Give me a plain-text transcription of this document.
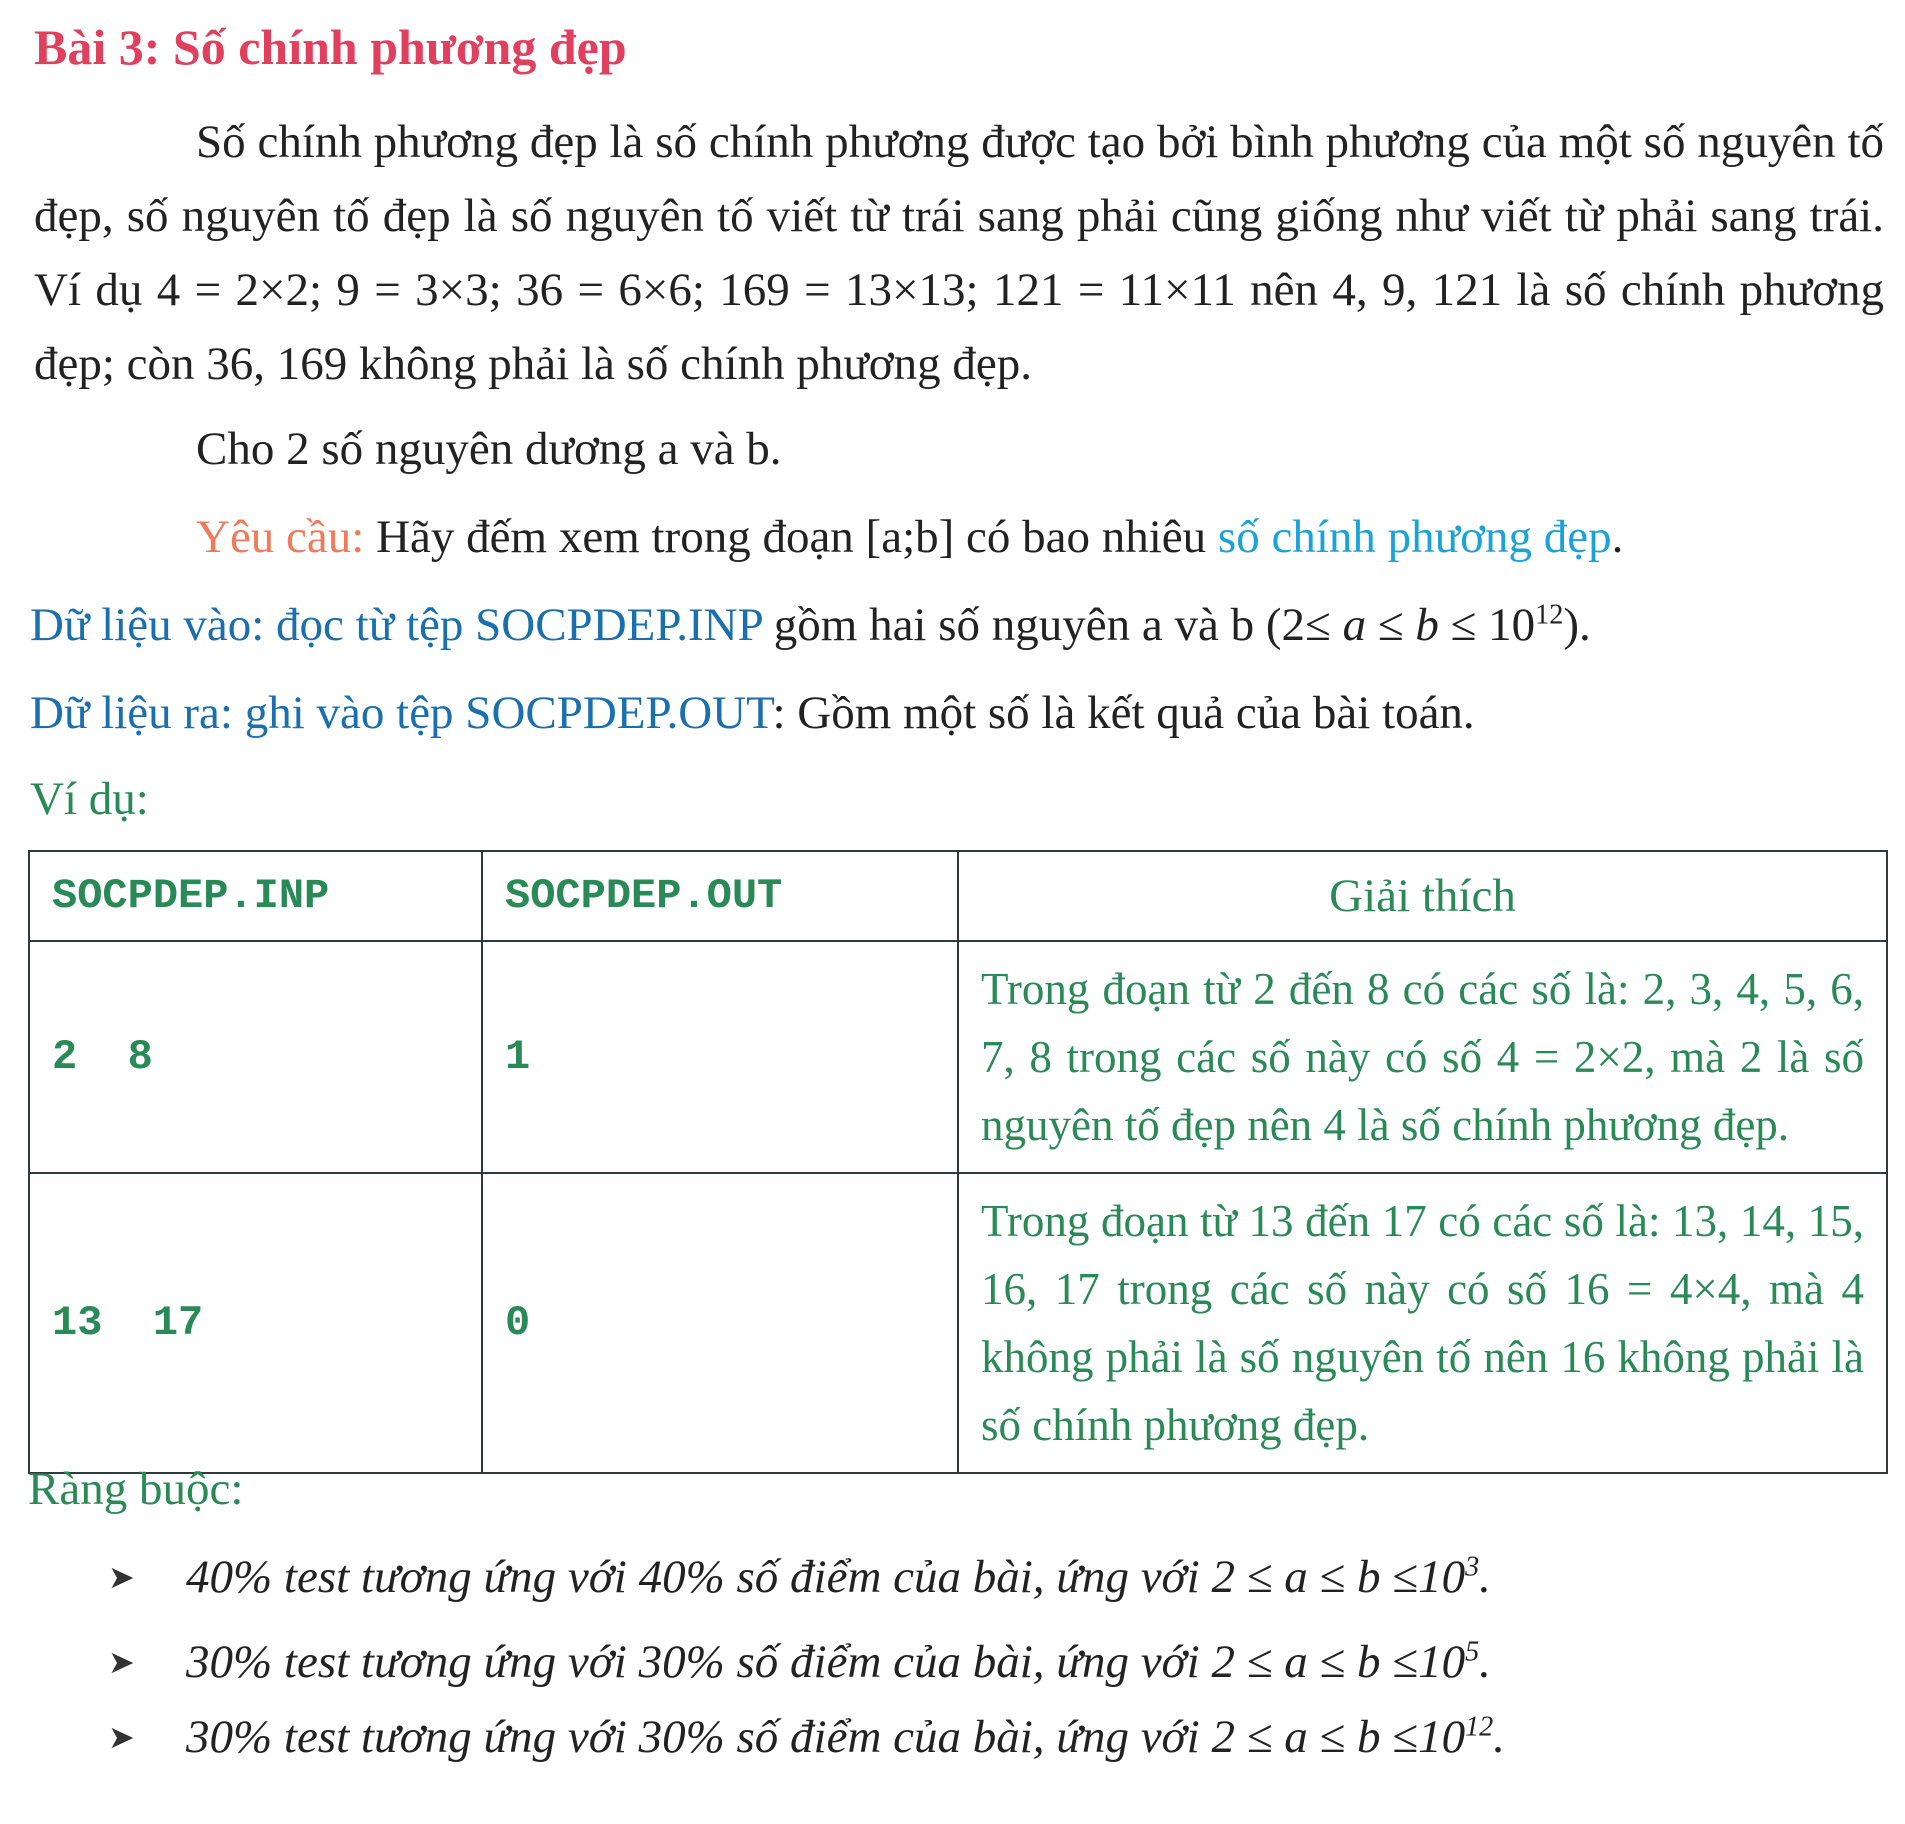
Bài 3: Số chính phương đẹp
Số chính phương đẹp là số chính phương được tạo bởi bình phương của một số nguyên tố đẹp, số nguyên tố đẹp là số nguyên tố viết từ trái sang phải cũng giống như viết từ phải sang trái. Ví dụ 4 = 2×2; 9 = 3×3; 36 = 6×6; 169 = 13×13; 121 = 11×11 nên 4, 9, 121 là số chính phương đẹp; còn 36, 169 không phải là số chính phương đẹp.
Cho 2 số nguyên dương a và b.
Yêu cầu: Hãy đếm xem trong đoạn [a;b] có bao nhiêu số chính phương đẹp.
Dữ liệu vào: đọc từ tệp SOCPDEP.INP gồm hai số nguyên a và b $(2\le a \le b \le 10^{12})$.
Dữ liệu ra: ghi vào tệp SOCPDEP.OUT: Gồm một số là kết quả của bài toán.
Ví dụ:
SOCPDEP.INP	SOCPDEP.OUT	Giải thích
2  8	1	Trong đoạn từ 2 đến 8 có các số là: 2, 3, 4, 5, 6, 7, 8 trong các số này có số 4 = 2×2, mà 2 là số nguyên tố đẹp nên 4 là số chính phương đẹp.
13  17	0	Trong đoạn từ 13 đến 17 có các số là: 13, 14, 15, 16, 17 trong các số này có số 16 = 4×4, mà 4 không phải là số nguyên tố nên 16 không phải là số chính phương đẹp.
Ràng buộc:
➤ 40% test tương ứng với 40% số điểm của bài, ứng với $2 \le a \le b \le 10^3$.
➤ 30% test tương ứng với 30% số điểm của bài, ứng với $2 \le a \le b \le 10^5$.
➤ 30% test tương ứng với 30% số điểm của bài, ứng với $2 \le a \le b \le 10^{12}$.
